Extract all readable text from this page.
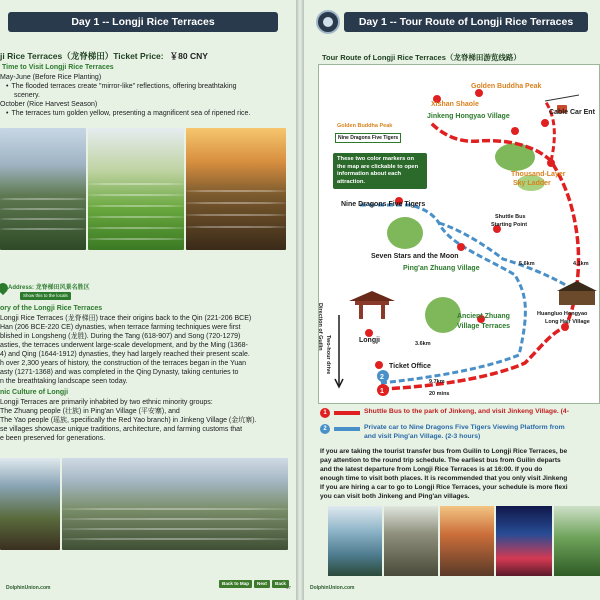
Day 1 -- Longji Rice Terraces
ji Rice Terraces（龙脊梯田）Ticket Price: ￥80 CNY
Time to Visit Longji Rice Terraces
May-June (Before Rice Planting)
• The flooded terraces create "mirror-like" reflections, offering breathtaking
scenery.
October (Rice Harvest Season)
• The terraces turn golden yellow, presenting a magnificent sea of ripened rice.
Address: 龙脊梯田风景名胜区
Show this to the locals
ory of the Longji Rice Terraces
Longji Rice Terraces (龙脊梯田) trace their origins back to the Qin (221-206 BCE)
Han (206 BCE-220 CE) dynasties, when terrace farming techniques were first
blished in Longsheng (龙胜). During the Tang (618-907) and Song (720-1279)
asties, the terraces underwent large-scale development, and by the Ming (1368-
4) and Qing (1644-1912) dynasties, they had largely reached their present scale.
h over 2,300 years of history, the construction of the terraces began in the Yuan
asty (1271-1368) and was completed in the Qing Dynasty, taking centuries to
n the breathtaking landscape seen today.
nic Culture of Longji
Longji Terraces are primarily inhabited by two ethnic minority groups:
The Zhuang people (壮族) in Ping'an Village (平安寨), and
The Yao people (瑶族, specifically the Red Yao branch) in Jinkeng Village (金坑寨).
se villages showcase unique traditions, architecture, and farming customs that
e been preserved for generations.
DolphinUnion.com
Back to Map	Next	Back
47
Day 1 -- Tour Route of Longji Rice Terraces
Tour Route of Longji Rice Terraces（龙脊梯田游览线路）
1
2
Golden Buddha Peak
Xishan Shaole
Jinkeng Hongyao Village
Cable Car Ent
Thousand-Layer
Sky Ladder
Golden Buddha Peak
Nine Dragons Five Tigers
These two color markers on the map are clickable to open information about each attraction.
Nine Dragons Five Tigers
Shuttle Bus
Starting Point
Seven Stars and the Moon
Ping'an Zhuang Village
Two-hour drive
Direction of Guilin	Longji
Ancient Zhuang
Village Terraces
Huangluo Hongyao
Long Hair Village
Ticket Office
9.7km
20 mins
3.6km
4.1km
5.6km
1	Shuttle Bus to the park of Jinkeng, and visit Jinkeng Village. (4-
2	Private car to Nine Dragons Five Tigers Viewing Platform from
and visit Ping'an Village. (2-3 hours)
If you are taking the tourist transfer bus from Guilin to Longji Rice Terraces, be
pay attention to the round trip schedule. The earliest bus from Guilin departs
and the latest departure from Longji Rice Terraces is at 16:00. If you do
enough time to visit both places. It is recommended that you only visit Jinkeng
If you are hiring a car to go to Longji Rice Terraces, your schedule is more flexi
you can visit both Jinkeng and Ping'an villages.
DolphinUnion.com
